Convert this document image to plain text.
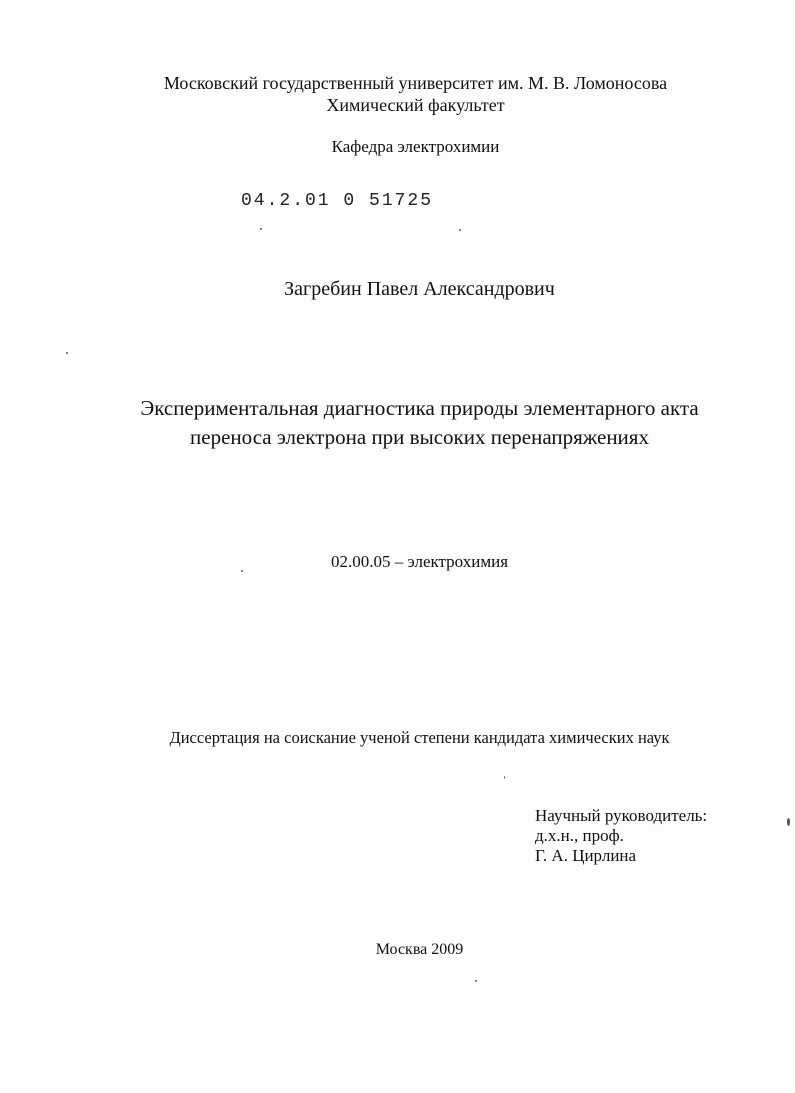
Московский государственный университет им. М. В. Ломоносова
Химический факультет
Кафедра электрохимии
04.2.01 0 51725
Загребин Павел Александрович
Экспериментальная диагностика природы элементарного акта
переноса электрона при высоких перенапряжениях
02.00.05 – электрохимия
Диссертация на соискание ученой степени кандидата химических наук
Научный руководитель:
д.х.н., проф.
Г. А. Цирлина
Москва 2009
